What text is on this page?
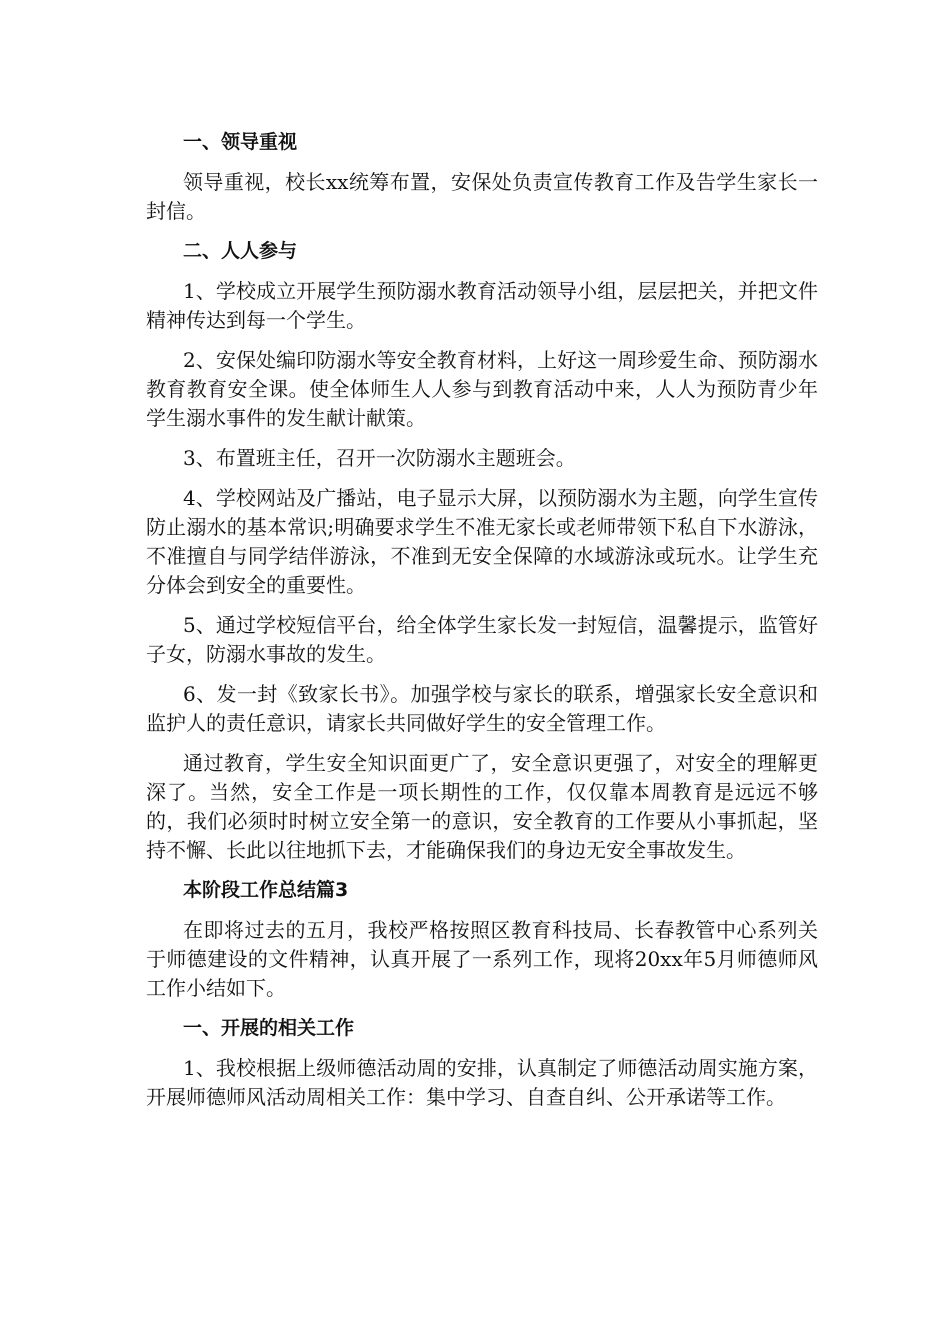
一、领导重视
领导重视，校长xx统筹布置，安保处负责宣传教育工作及告学生家长一封信。
二、人人参与
1、学校成立开展学生预防溺水教育活动领导小组，层层把关，并把文件精神传达到每一个学生。
2、安保处编印防溺水等安全教育材料，上好这一周珍爱生命、预防溺水教育教育安全课。使全体师生人人参与到教育活动中来，人人为预防青少年学生溺水事件的发生献计献策。
3、布置班主任，召开一次防溺水主题班会。
4、学校网站及广播站，电子显示大屏，以预防溺水为主题，向学生宣传防止溺水的基本常识;明确要求学生不准无家长或老师带领下私自下水游泳，不准擅自与同学结伴游泳，不准到无安全保障的水域游泳或玩水。让学生充分体会到安全的重要性。
5、通过学校短信平台，给全体学生家长发一封短信，温馨提示，监管好子女，防溺水事故的发生。
6、发一封《致家长书》。加强学校与家长的联系，增强家长安全意识和监护人的责任意识，请家长共同做好学生的安全管理工作。
通过教育，学生安全知识面更广了，安全意识更强了，对安全的理解更深了。当然，安全工作是一项长期性的工作，仅仅靠本周教育是远远不够的，我们必须时时树立安全第一的意识，安全教育的工作要从小事抓起，坚持不懈、长此以往地抓下去，才能确保我们的身边无安全事故发生。
本阶段工作总结篇3
在即将过去的五月，我校严格按照区教育科技局、长春教管中心系列关于师德建设的文件精神，认真开展了一系列工作，现将20xx年5月师德师风工作小结如下。
一、开展的相关工作
1、我校根据上级师德活动周的安排，认真制定了师德活动周实施方案，开展师德师风活动周相关工作：集中学习、自查自纠、公开承诺等工作。
